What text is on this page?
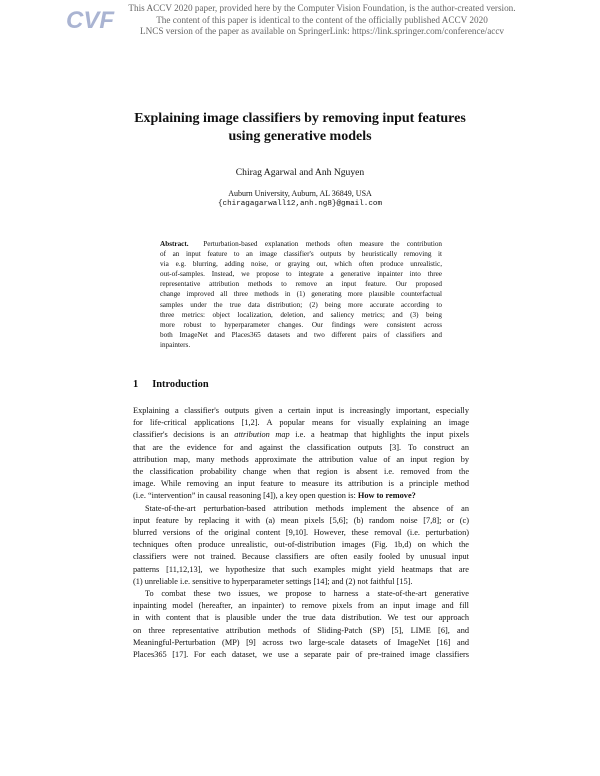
CVF	This ACCV 2020 paper, provided here by the Computer Vision Foundation, is the author-created version.
The content of this paper is identical to the content of the officially published ACCV 2020
LNCS version of the paper as available on SpringerLink: https://link.springer.com/conference/accv
Explaining image classifiers by removing input features
using generative models
Chirag Agarwal and Anh Nguyen
Auburn University, Auburn, AL 36849, USA
{chiragagarwall12,anh.ng8}@gmail.com
Abstract. Perturbation-based explanation methods often measure the contribution
of an input feature to an image classifier's outputs by heuristically removing it
via e.g. blurring, adding noise, or graying out, which often produce unrealistic,
out-of-samples. Instead, we propose to integrate a generative inpainter into three
representative attribution methods to remove an input feature. Our proposed
change improved all three methods in (1) generating more plausible counterfactual
samples under the true data distribution; (2) being more accurate according to
three metrics: object localization, deletion, and saliency metrics; and (3) being
more robust to hyperparameter changes. Our findings were consistent across
both ImageNet and Places365 datasets and two different pairs of classifiers and
inpainters.
1 Introduction
Explaining a classifier's outputs given a certain input is increasingly important, especially
for life-critical applications [1,2]. A popular means for visually explaining an image
classifier's decisions is an attribution map i.e. a heatmap that highlights the input pixels
that are the evidence for and against the classification outputs [3]. To construct an
attribution map, many methods approximate the attribution value of an input region by
the classification probability change when that region is absent i.e. removed from the
image. While removing an input feature to measure its attribution is a principle method
(i.e. “intervention” in causal reasoning [4]), a key open question is: How to remove?
State-of-the-art perturbation-based attribution methods implement the absence of an
input feature by replacing it with (a) mean pixels [5,6]; (b) random noise [7,8]; or (c)
blurred versions of the original content [9,10]. However, these removal (i.e. perturbation)
techniques often produce unrealistic, out-of-distribution images (Fig. 1b,d) on which the
classifiers were not trained. Because classifiers are often easily fooled by unusual input
patterns [11,12,13], we hypothesize that such examples might yield heatmaps that are
(1) unreliable i.e. sensitive to hyperparameter settings [14]; and (2) not faithful [15].
To combat these two issues, we propose to harness a state-of-the-art generative
inpainting model (hereafter, an inpainter) to remove pixels from an input image and fill
in with content that is plausible under the true data distribution. We test our approach
on three representative attribution methods of Sliding-Patch (SP) [5], LIME [6], and
Meaningful-Perturbation (MP) [9] across two large-scale datasets of ImageNet [16] and
Places365 [17]. For each dataset, we use a separate pair of pre-trained image classifiers
